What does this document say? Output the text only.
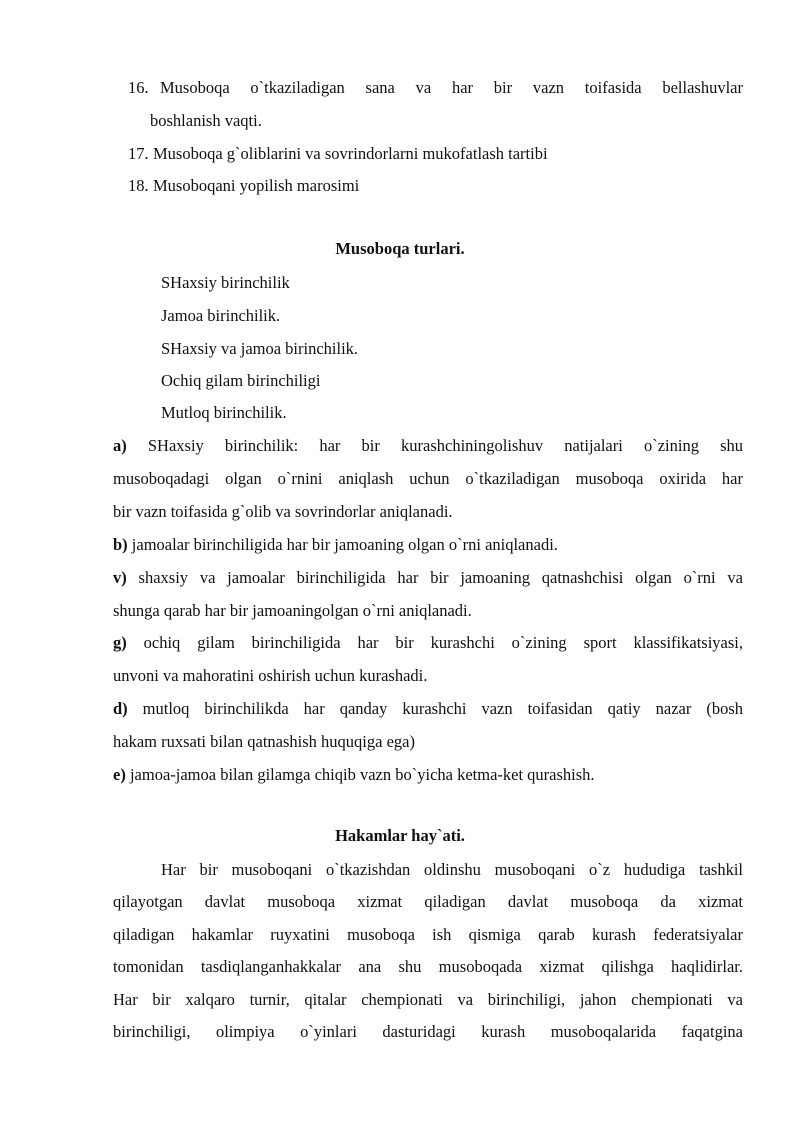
16. Musoboqa o`tkaziladigan sana va har bir vazn toifasida bellashuvlar
boshlanish vaqti.
17. Musoboqa g`oliblarini va sovrindorlarni mukofatlash tartibi
18. Musoboqani yopilish marosimi
Musoboqa turlari.
SHaxsiy birinchilik
Jamoa birinchilik.
SHaxsiy va jamoa birinchilik.
Ochiq gilam birinchiligi
Mutloq birinchilik.
a) SHaxsiy birinchilik: har bir kurashchiningolishuv natijalari o`zining shu
musoboqadagi olgan o`rnini aniqlash uchun o`tkaziladigan musoboqa oxirida har
bir vazn toifasida g`olib va sovrindorlar aniqlanadi.
b) jamoalar birinchiligida har bir jamoaning olgan o`rni aniqlanadi.
v) shaxsiy va jamoalar birinchiligida har bir jamoaning qatnashchisi olgan o`rni va
shunga qarab har bir jamoaningolgan o`rni aniqlanadi.
g) ochiq gilam birinchiligida har bir kurashchi o`zining sport klassifikatsiyasi,
unvoni va mahoratini oshirish uchun kurashadi.
d) mutloq birinchilikda har qanday kurashchi vazn toifasidan qatiy nazar (bosh
hakam ruxsati bilan qatnashish huquqiga ega)
e) jamoa-jamoa bilan gilamga chiqib vazn bo`yicha ketma-ket qurashish.
Hakamlar hay`ati.
Har bir musoboqani o`tkazishdan oldinshu musoboqani o`z hududiga tashkil
qilayotgan davlat musoboqa xizmat qiladigan davlat musoboqa da xizmat
qiladigan hakamlar ruyxatini musoboqa ish qismiga qarab kurash federatsiyalar
tomonidan tasdiqlanganhakkalar ana shu musoboqada xizmat qilishga haqlidirlar.
Har bir xalqaro turnir, qitalar chempionati va birinchiligi, jahon chempionati va
birinchiligi, olimpiya o`yinlari dasturidagi kurash musoboqalarida faqatgina
